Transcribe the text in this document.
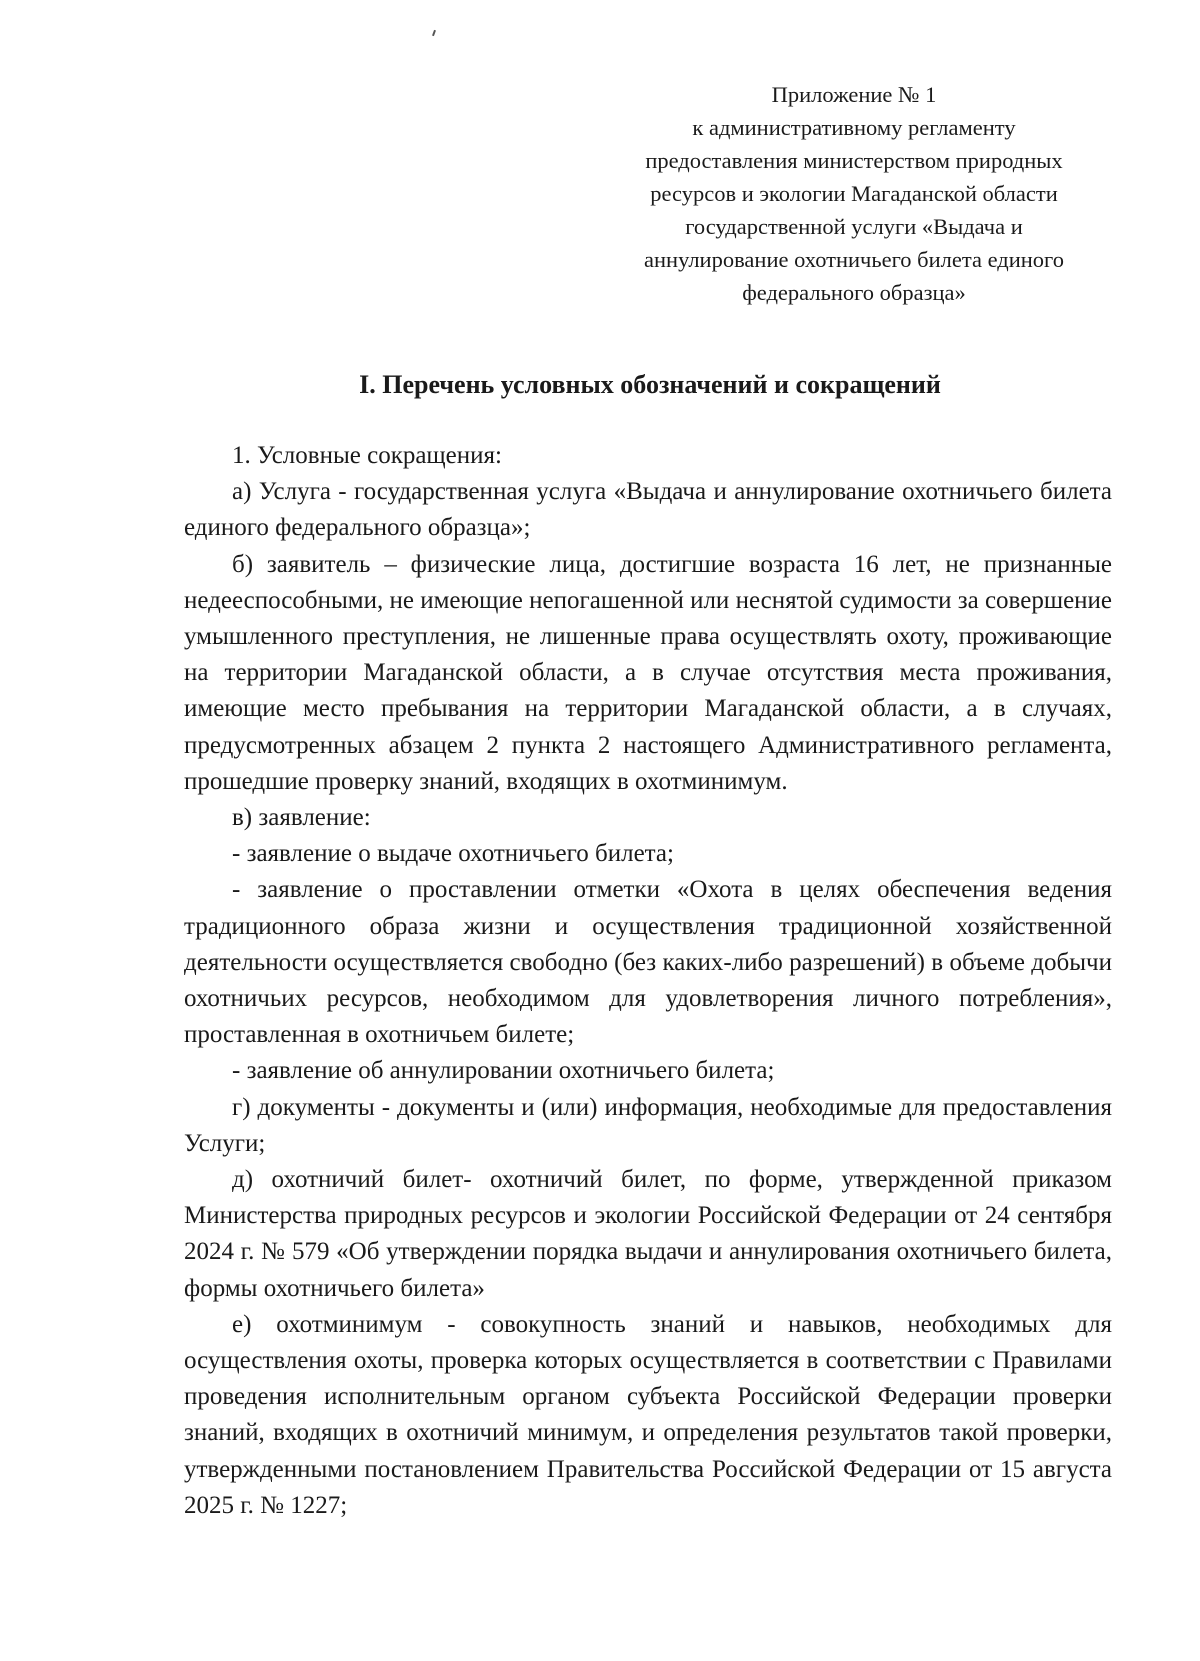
Приложение № 1
к административному регламенту
предоставления министерством природных
ресурсов и экологии Магаданской области
государственной услуги «Выдача и
аннулирование охотничьего билета единого
федерального образца»
I. Перечень условных обозначений и сокращений

1. Условные сокращения:

а) Услуга - государственная услуга «Выдача и аннулирование охотничьего билета единого федерального образца»;

б) заявитель – физические лица, достигшие возраста 16 лет, не признанные недееспособными, не имеющие непогашенной или неснятой судимости за совершение умышленного преступления, не лишенные права осуществлять охоту, проживающие на территории Магаданской области, а в случае отсутствия места проживания, имеющие место пребывания на территории Магаданской области, а в случаях, предусмотренных абзацем 2 пункта 2 настоящего Административного регламента, прошедшие проверку знаний, входящих в охотминимум.

в) заявление:

- заявление о выдаче охотничьего билета;

- заявление о проставлении отметки «Охота в целях обеспечения ведения традиционного образа жизни и осуществления традиционной хозяйственной деятельности осуществляется свободно (без каких-либо разрешений) в объеме добычи охотничьих ресурсов, необходимом для удовлетворения личного потребления», проставленная в охотничьем билете;

- заявление об аннулировании охотничьего билета;

г) документы - документы и (или) информация, необходимые для предоставления Услуги;

д) охотничий билет- охотничий билет, по форме, утвержденной приказом Министерства природных ресурсов и экологии Российской Федерации от 24 сентября 2024 г. № 579 «Об утверждении порядка выдачи и аннулирования охотничьего билета, формы охотничьего билета»

е) охотминимум - совокупность знаний и навыков, необходимых для осуществления охоты, проверка которых осуществляется в соответствии с Правилами проведения исполнительным органом субъекта Российской Федерации проверки знаний, входящих в охотничий минимум, и определения результатов такой проверки, утвержденными постановлением Правительства Российской Федерации от 15 августа 2025 г. № 1227;
